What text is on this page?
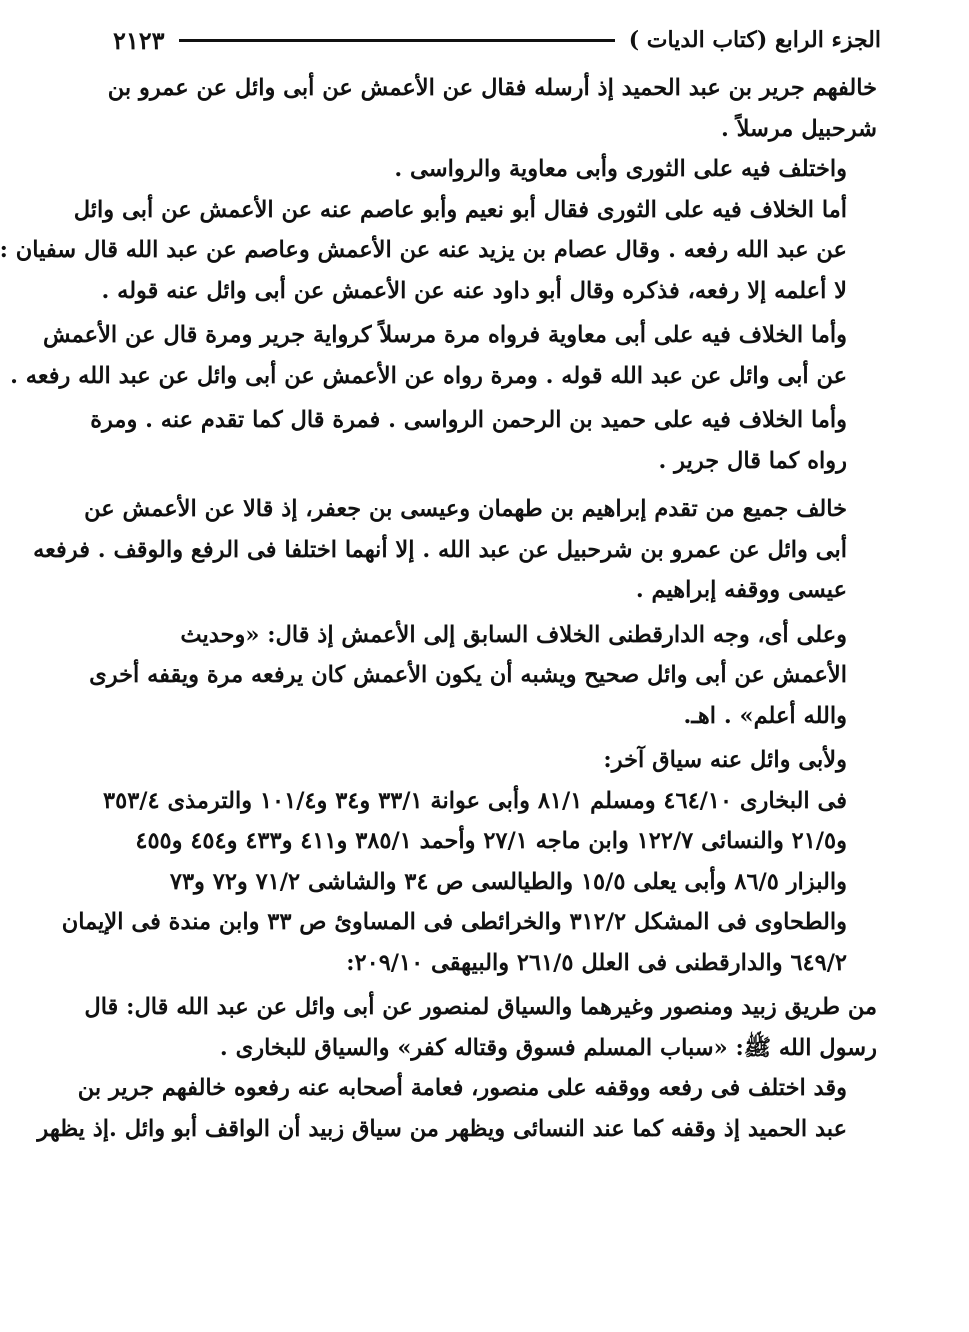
الجزء الرابع (كتاب الديات )
٢١٢٣

خالفهم جرير بن عبد الحميد إذ أرسله فقال عن الأعمش عن أبى وائل عن عمرو بن
شرحبيل مرسلاً .

واختلف فيه على الثورى وأبى معاوية والرواسى .

أما الخلاف فيه على الثورى فقال أبو نعيم وأبو عاصم عنه عن الأعمش عن أبى وائل
عن عبد الله رفعه . وقال عصام بن يزيد عنه عن الأعمش وعاصم عن عبد الله قال سفيان :
لا أعلمه إلا رفعه، فذكره وقال أبو داود عنه عن الأعمش عن أبى وائل عنه قوله .

وأما الخلاف فيه على أبى معاوية فرواه مرة مرسلاً كرواية جرير ومرة قال عن الأعمش
عن أبى وائل عن عبد الله قوله . ومرة رواه عن الأعمش عن أبى وائل عن عبد الله رفعه .

وأما الخلاف فيه على حميد بن الرحمن الرواسى . فمرة قال كما تقدم عنه . ومرة
رواه كما قال جرير .

خالف جميع من تقدم إبراهيم بن طهمان وعيسى بن جعفر، إذ قالا عن الأعمش عن
أبى وائل عن عمرو بن شرحبيل عن عبد الله . إلا أنهما اختلفا فى الرفع والوقف . فرفعه
عيسى ووقفه إبراهيم .

وعلى أى، وجه الدارقطنى الخلاف السابق إلى الأعمش إذ قال: «وحديث
الأعمش عن أبى وائل صحيح ويشبه أن يكون الأعمش كان يرفعه مرة ويقفه أخرى
والله أعلم» . اهـ.

ولأبى وائل عنه سياق آخر:

فى البخارى ٤٦٤/١٠ ومسلم ٨١/١ وأبى عوانة ٣٣/١ و٣٤ و١٠١/٤ والترمذى ٣٥٣/٤
و٢١/٥ والنسائى ١٢٢/٧ وابن ماجه ٢٧/١ وأحمد ٣٨٥/١ و٤١١ و٤٣٣ و٤٥٤ و٤٥٥
والبزار ٨٦/٥ وأبى يعلى ١٥/٥ والطيالسى ص ٣٤ والشاشى ٧١/٢ و٧٢ و٧٣
والطحاوى فى المشكل ٣١٢/٢ والخرائطى فى المساوئ ص ٣٣ وابن مندة فى الإيمان
٦٤٩/٢ والدارقطنى فى العلل ٢٦١/٥ والبيهقى ٢٠٩/١٠:

من طريق زبيد ومنصور وغيرهما والسياق لمنصور عن أبى وائل عن عبد الله قال: قال
رسول الله ﷺ: «سباب المسلم فسوق وقتاله كفر» والسياق للبخارى .

وقد اختلف فى رفعه ووقفه على منصور، فعامة أصحابه عنه رفعوه خالفهم جرير بن
عبد الحميد إذ وقفه كما عند النسائى ويظهر من سياق زبيد أن الواقف أبو وائل .إذ يظهر
